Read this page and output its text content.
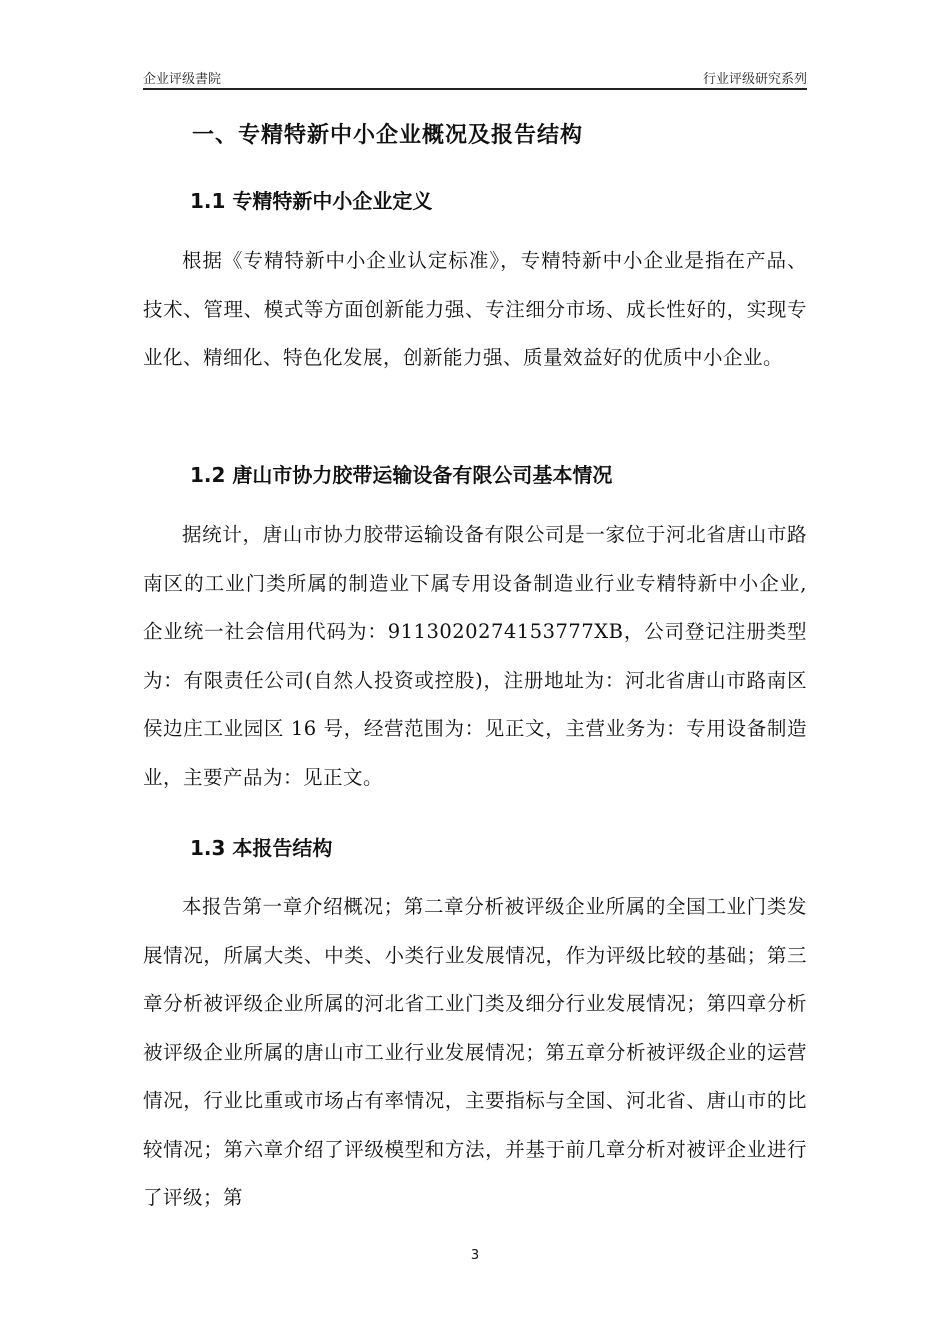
企业评级書院	行业评级研究系列
一、专精特新中小企业概况及报告结构
1.1 专精特新中小企业定义
根据《专精特新中小企业认定标准》，专精特新中小企业是指在产品、技术、管理、模式等方面创新能力强、专注细分市场、成长性好的，实现专业化、精细化、特色化发展，创新能力强、质量效益好的优质中小企业。
1.2 唐山市协力胶带运输设备有限公司基本情况
据统计，唐山市协力胶带运输设备有限公司是一家位于河北省唐山市路南区的工业门类所属的制造业下属专用设备制造业行业专精特新中小企业,企业统一社会信用代码为：911302027415377​7XB，公司登记注册类型为：有限责任公司(自然人投资或控股)，注册地址为：河北省唐山市路南区侯边庄工业园区 16 号，经营范围为：见正文，主营业务为：专用设备制造业，主要产品为：见正文。
1.3 本报告结构
本报告第一章介绍概况；第二章分析被评级企业所属的全国工业门类发展情况，所属大类、中类、小类行业发展情况，作为评级比较的基础；第三章分析被评级企业所属的河北省工业门类及细分行业发展情况；第四章分析被评级企业所属的唐山市工业行业发展情况；第五章分析被评级企业的运营情况，行业比重或市场占有率情况，主要指标与全国、河北省、唐山市的比较情况；第六章介绍了评级模型和方法，并基于前几章分析对被评企业进行了评级；第
3
